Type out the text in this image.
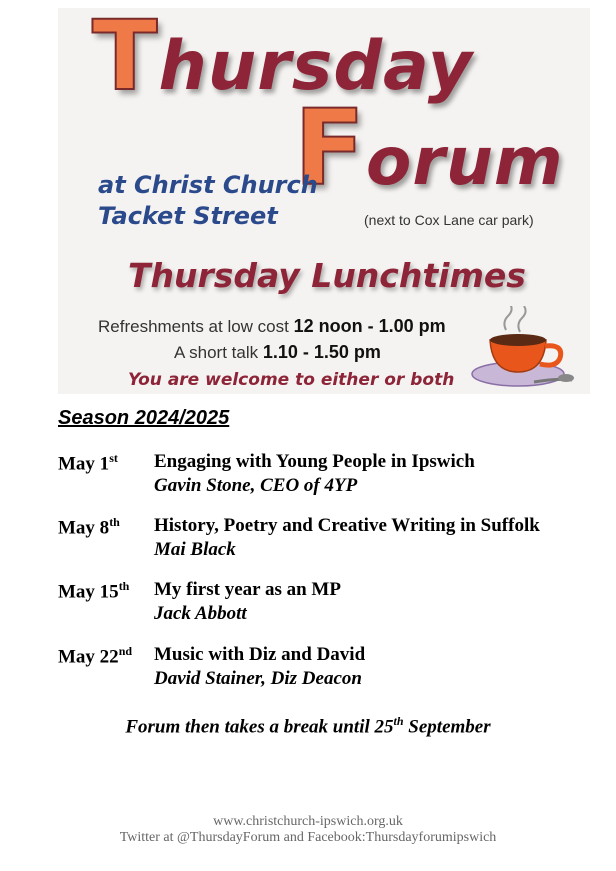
Thursday
Forum
at Christ Church
Tacket Street	(next to Cox Lane car park)
Thursday Lunchtimes
Refreshments at low cost 12 noon - 1.00 pm
A short talk 1.10 - 1.50 pm
You are welcome to either or both
Season 2024/2025
May 1st Engaging with Young People in Ipswich
Gavin Stone, CEO of 4YP
May 8th History, Poetry and Creative Writing in Suffolk
Mai Black
May 15th My first year as an MP
Jack Abbott
May 22nd Music with Diz and David
David Stainer, Diz Deacon
Forum then takes a break until 25th September
www.christchurch-ipswich.org.uk
Twitter at @ThursdayForum and Facebook:Thursdayforumipswich
